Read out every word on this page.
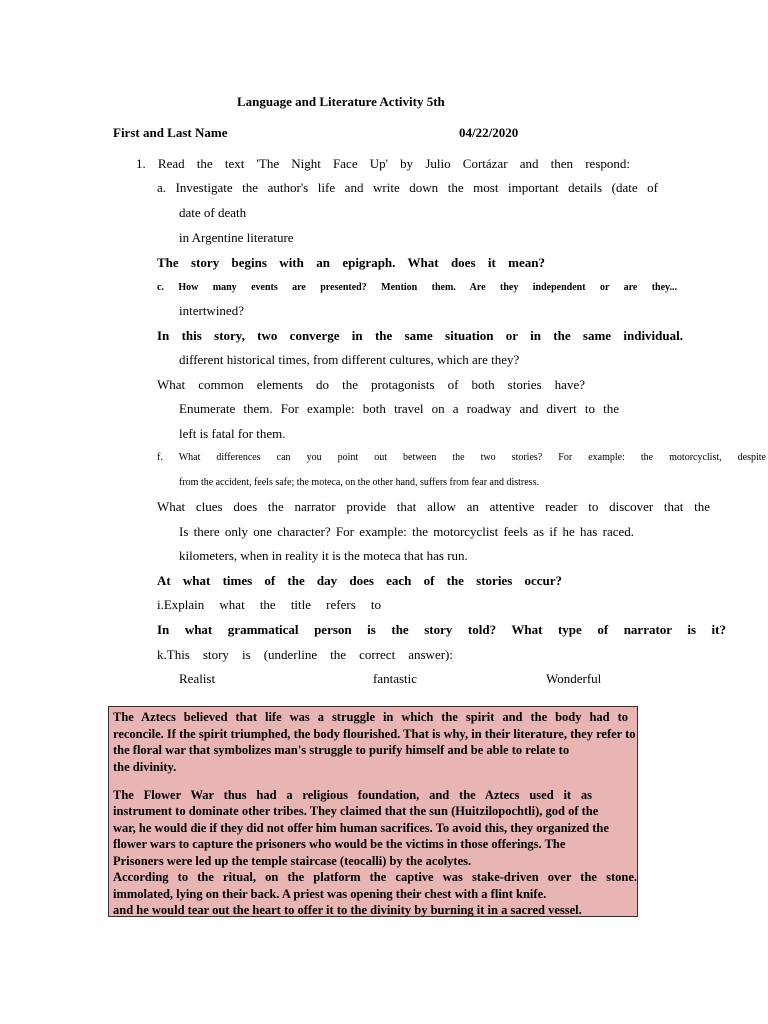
Language and Literature Activity 5th
First and Last Name	04/22/2020
1. Read the text 'The Night Face Up' by Julio Cortázar and then respond:
a. Investigate the author's life and write down the most important details (date of
date of death
in Argentine literature
The story begins with an epigraph. What does it mean?
c. How many events are presented? Mention them. Are they independent or are they...
intertwined?
In this story, two converge in the same situation or in the same individual.
different historical times, from different cultures, which are they?
What common elements do the protagonists of both stories have?
Enumerate them. For example: both travel on a roadway and divert to the
left is fatal for them.
f. What differences can you point out between the two stories? For example: the motorcyclist, despite
from the accident, feels safe; the moteca, on the other hand, suffers from fear and distress.
What clues does the narrator provide that allow an attentive reader to discover that the
Is there only one character? For example: the motorcyclist feels as if he has raced.
kilometers, when in reality it is the moteca that has run.
At what times of the day does each of the stories occur?
i.Explain what the title refers to
In what grammatical person is the story told? What type of narrator is it?
k.This story is (underline the correct answer):
Realist	fantastic	Wonderful
The Aztecs believed that life was a struggle in which the spirit and the body had to
reconcile. If the spirit triumphed, the body flourished. That is why, in their literature, they refer to
the floral war that symbolizes man's struggle to purify himself and be able to relate to
the divinity.
The Flower War thus had a religious foundation, and the Aztecs used it as
instrument to dominate other tribes. They claimed that the sun (Huitzilopochtli), god of the
war, he would die if they did not offer him human sacrifices. To avoid this, they organized the
flower wars to capture the prisoners who would be the victims in those offerings. The
Prisoners were led up the temple staircase (teocalli) by the acolytes.
According to the ritual, on the platform the captive was stake-driven over the stone.
immolated, lying on their back. A priest was opening their chest with a flint knife.
and he would tear out the heart to offer it to the divinity by burning it in a sacred vessel.
